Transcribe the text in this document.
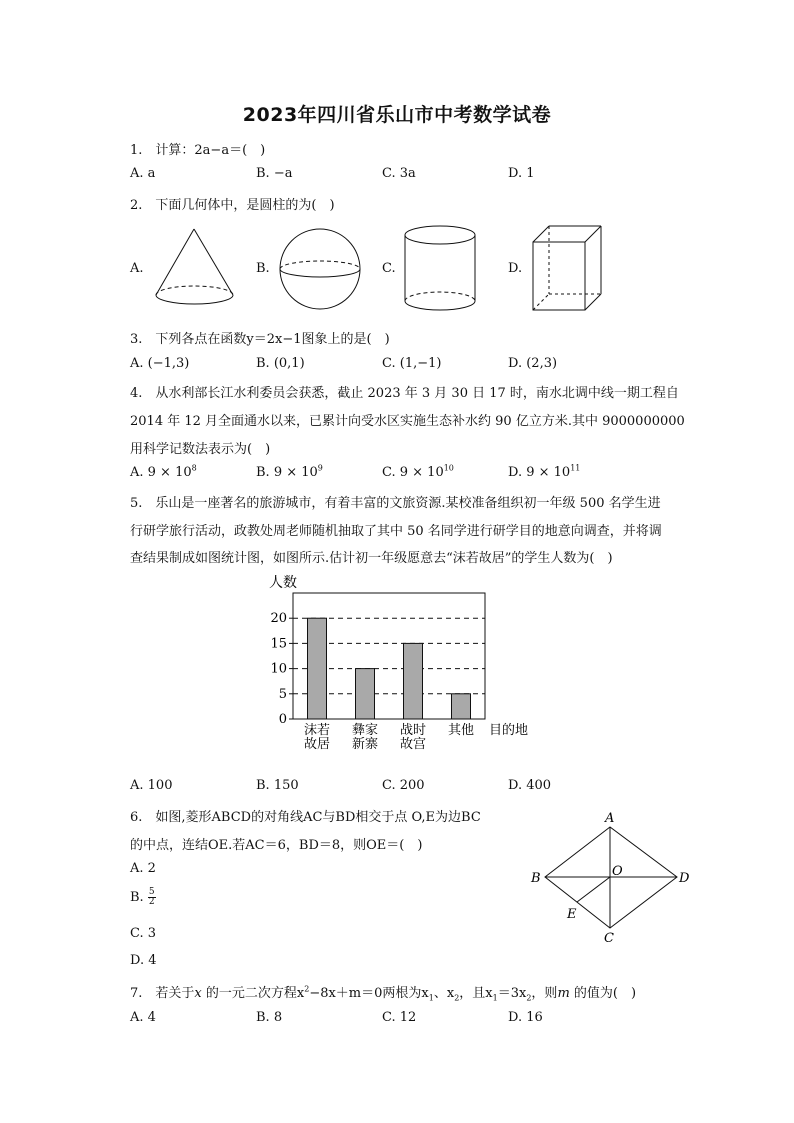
2023年四川省乐山市中考数学试卷
1.　计算：2a−a＝(　)
A. a	B. −a	C. 3a	D. 1
2.　下面几何体中，是圆柱的为(　)
A.	B.	C.	D.
3.　下列各点在函数y＝2x−1图象上的是(　)
A. (−1,3)	B. (0,1)	C. (1,−1)	D. (2,3)
4.　从水利部长江水利委员会获悉，截止 2023 年 3 月 30 日 17 时，南水北调中线一期工程自
2014 年 12 月全面通水以来，已累计向受水区实施生态补水约 90 亿立方米.其中 9000000000
用科学记数法表示为(　)
A. $9 \times 10^8$	B. $9 \times 10^9$	C. $9 \times 10^{10}$	D. $9 \times 10^{11}$
5.　乐山是一座著名的旅游城市，有着丰富的文旅资源.某校准备组织初一年级 500 名学生进
行研学旅行活动，政教处周老师随机抽取了其中 50 名同学进行研学目的地意向调查，并将调
查结果制成如图统计图，如图所示.估计初一年级愿意去“沫若故居”的学生人数为(　)
人数
0
5
10
15
20
沫若
故居
彝家
新寨
战时
故宫
其他 目的地
A. 100	B. 150	C. 200	D. 400
6.　如图,菱形ABCD的对角线AC与BD相交于点 O,E为边BC
的中点，连结OE.若AC＝6，BD＝8，则OE＝(　)
A. 2
B. $\frac{5}{2}$
C. 3
D. 4
A
B
C
D
O
E
7.　若关于x 的一元二次方程$x^2-8x+m=0$两根为$x_1$、$x_2$，且$x_1=3x_2$，则m 的值为(　)
A. 4	B. 8	C. 12	D. 16
